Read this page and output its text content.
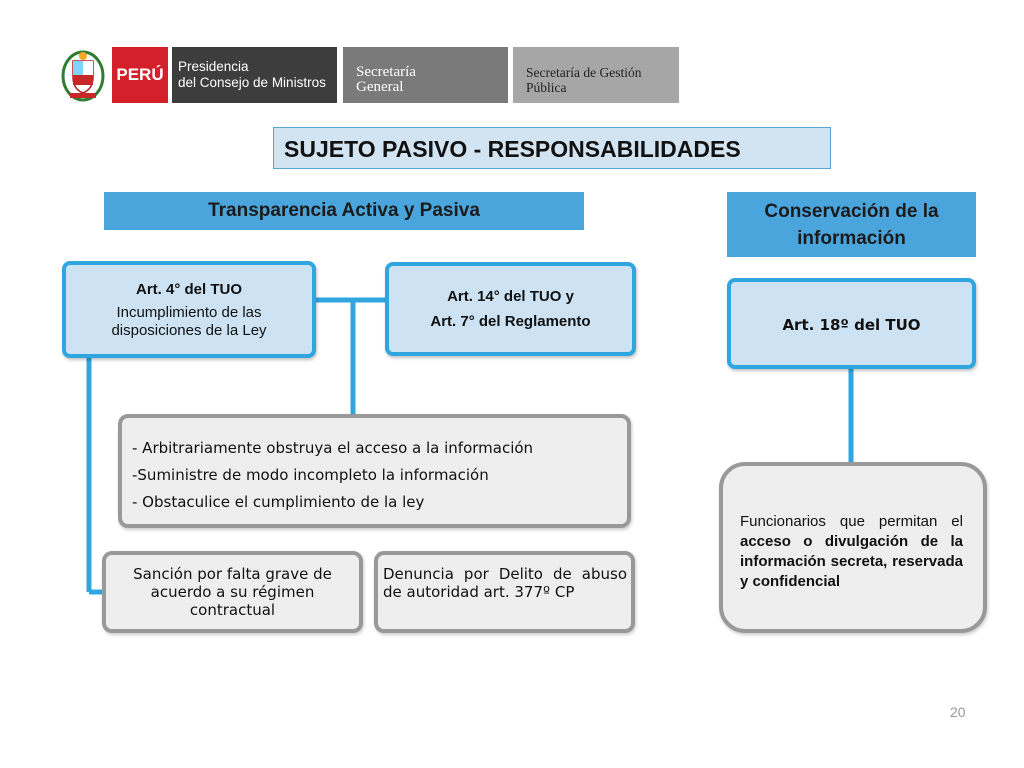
PERÚ Presidencia
del Consejo de Ministros
Secretaría
General
Secretaría de Gestión
Pública
SUJETO PASIVO - RESPONSABILIDADES
Transparencia Activa y Pasiva	Conservación de la
información
Art. 4° del TUO
Incumplimiento de las disposiciones de la Ley
Art. 14° del TUO y
Art. 7° del Reglamento	Art. 18º del TUO
- Arbitrariamente obstruya el acceso a la información
-Suministre de modo incompleto la información
- Obstaculice el cumplimiento de la ley
Sanción por falta grave de acuerdo a su régimen contractual
Denuncia por Delito de abuso de autoridad art. 377º CP
Funcionarios que permitan el acceso o divulgación de la información secreta, reservada y confidencial
20
